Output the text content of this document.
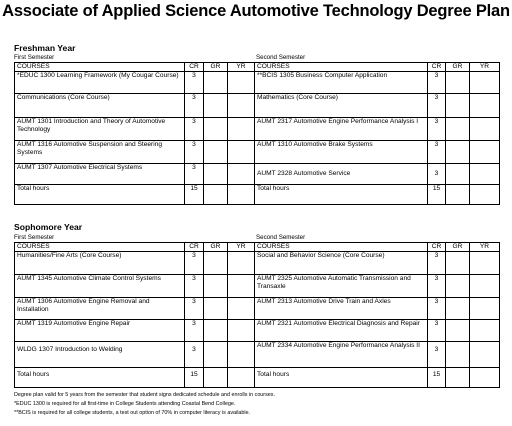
Associate of Applied Science Automotive Technology Degree Plan
Freshman Year
First Semester	Second Semester
COURSES	CR	GR	YR	COURSES	CR	GR	YR
*EDUC 1300 Learning Framework (My Cougar Course)	3			**BCIS 1305 Business Computer Application	3		
Communications (Core Course)	3			Mathematics (Core Course)	3		
AUMT 1301 Introduction and Theory of Automotive Technology	3			AUMT 2317 Automotive Engine Performance Analysis I	3		
AUMT 1316 Automotive Suspension and Steering Systems	3			AUMT 1310 Automotive Brake Systems	3		
AUMT 1307 Automotive Electrical Systems	3			AUMT 2328 Automotive Service	3		
Total hours	15			Total hours	15		
Sophomore Year
First Semester	Second Semester
COURSES	CR	GR	YR	COURSES	CR	GR	YR
Humanities/Fine Arts (Core Course)	3			Social and Behavior Science (Core Course)	3		
AUMT 1345 Automotive Climate Control Systems	3			AUMT 2325 Automotive Automatic Transmission and Transaxle	3		
AUMT 1306 Automotive Engine Removal and Installation	3			AUMT 2313 Automotive Drive Train and Axles	3		
AUMT 1319 Automotive Engine Repair	3			AUMT 2321 Automotive Electrical Diagnosis and Repair	3		
WLDG 1307 Introduction to Welding	3			AUMT 2334 Automotive Engine Performance Analysis II	3		
Total hours	15			Total hours	15		
Degree plan valid for 5 years from the semester that student signs dedicated schedule and enrolls in courses.
*EDUC 1300 is required for all first-time in College Students attending Coastal Bend College.
**BCIS is required for all college students, a test out option of 70% in computer literacy is available.
